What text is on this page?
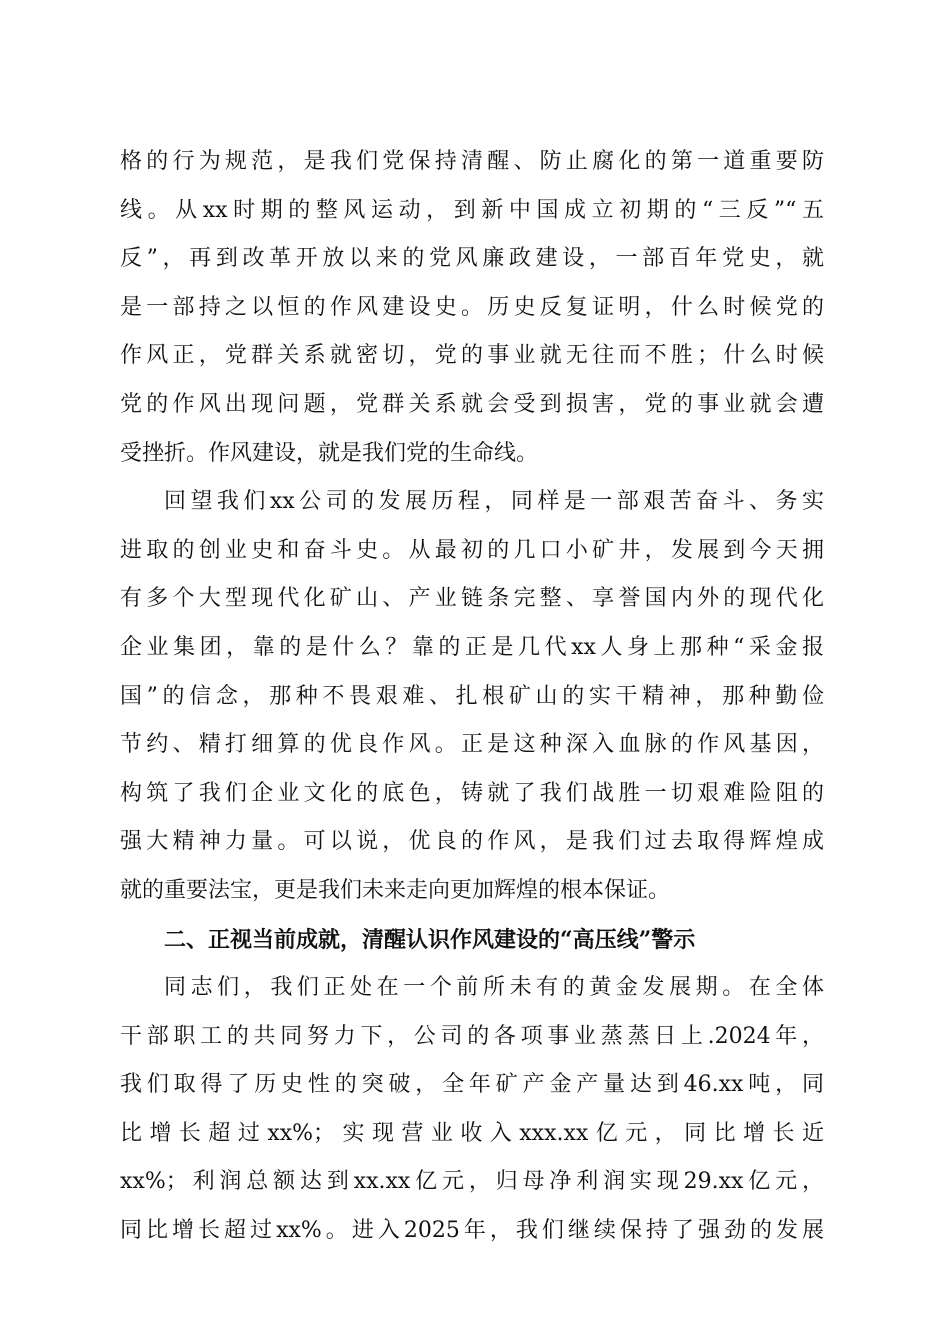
格的行为规范，是我们党保持清醒、防止腐化的第一道重要防
线。从xx时期的整风运动，到新中国成立初期的“三反”“五
反”，再到改革开放以来的党风廉政建设，一部百年党史，就
是一部持之以恒的作风建设史。历史反复证明，什么时候党的
作风正，党群关系就密切，党的事业就无往而不胜；什么时候
党的作风出现问题，党群关系就会受到损害，党的事业就会遭
受挫折。作风建设，就是我们党的生命线。
回望我们xx公司的发展历程，同样是一部艰苦奋斗、务实
进取的创业史和奋斗史。从最初的几口小矿井，发展到今天拥
有多个大型现代化矿山、产业链条完整、享誉国内外的现代化
企业集团，靠的是什么？靠的正是几代xx人身上那种“采金报
国”的信念，那种不畏艰难、扎根矿山的实干精神，那种勤俭
节约、精打细算的优良作风。正是这种深入血脉的作风基因，
构筑了我们企业文化的底色，铸就了我们战胜一切艰难险阻的
强大精神力量。可以说，优良的作风，是我们过去取得辉煌成
就的重要法宝，更是我们未来走向更加辉煌的根本保证。
二、正视当前成就，清醒认识作风建设的“高压线”警示
同志们，我们正处在一个前所未有的黄金发展期。在全体
干部职工的共同努力下，公司的各项事业蒸蒸日上.2024年，
我们取得了历史性的突破，全年矿产金产量达到46.xx吨，同
比增长超过xx%；实现营业收入xxx.xx亿元，同比增长近
xx%；利润总额达到xx.xx亿元，归母净利润实现29.xx亿元，
同比增长超过xx%。进入2025年，我们继续保持了强劲的发展
